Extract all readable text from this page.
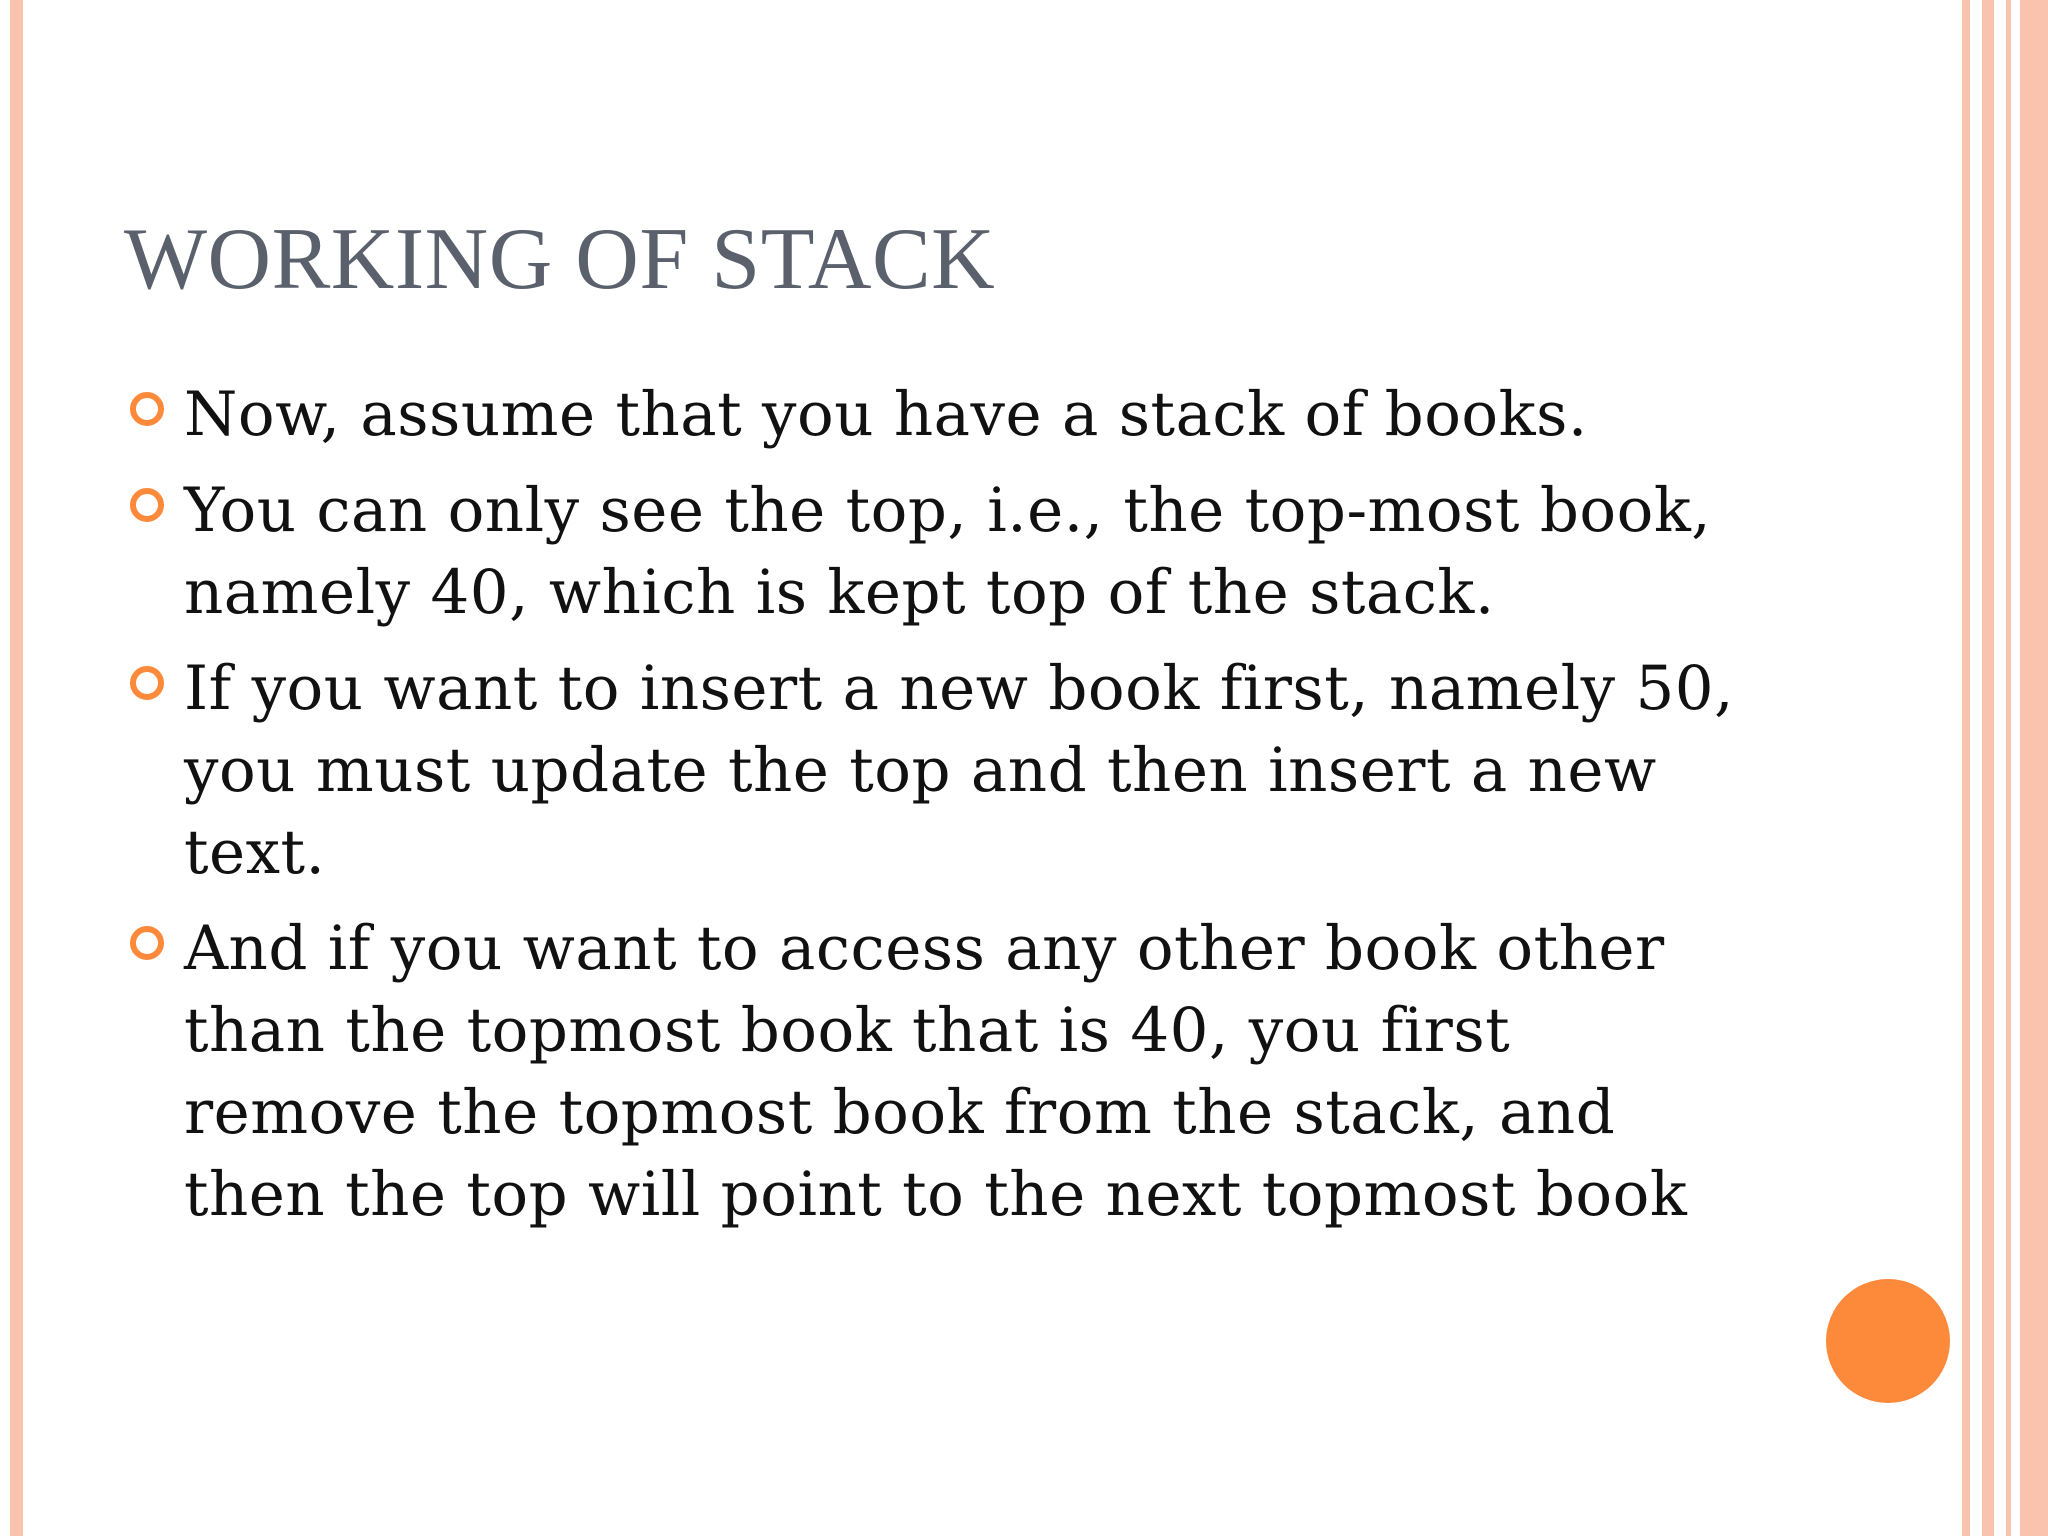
WORKING OF STACK
Now, assume that you have a stack of books.
You can only see the top, i.e., the top-most book,
namely 40, which is kept top of the stack.
If you want to insert a new book first, namely 50,
you must update the top and then insert a new
text.
And if you want to access any other book other
than the topmost book that is 40, you first
remove the topmost book from the stack, and
then the top will point to the next topmost book
